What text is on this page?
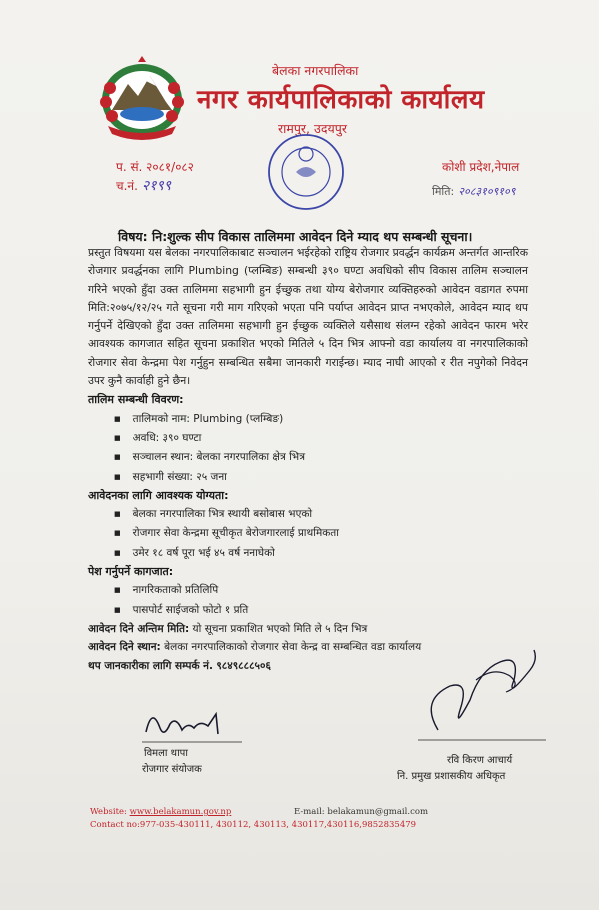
बेलका नगरपालिका
नगर कार्यपालिकाको कार्यालय
रामपुर, उदयपुर
प. सं. २०८१/०८२
च.नं. २१९९
कोशी प्रदेश,नेपाल
मिति: २०८३१०९१०९
विषय: नि:शुल्क सीप विकास तालिममा आवेदन दिने म्याद थप सम्बन्धी सूचना।
प्रस्तुत विषयमा यस बेलका नगरपालिकाबाट सञ्चालन भईरहेको राष्ट्रिय रोजगार प्रवर्द्धन कार्यक्रम अन्तर्गत आन्तरिक रोजगार प्रवर्द्धनका लागि Plumbing (प्लम्बिङ) सम्बन्धी ३९० घण्टा अवधिको सीप विकास तालिम सञ्चालन गरिने भएको हुँदा उक्त तालिममा सहभागी हुन ईच्छुक तथा योग्य बेरोजगार व्यक्तिहरुको आवेदन वडागत रुपमा मिति:२०७५/१२/२५ गते सूचना गरी माग गरिएको भएता पनि पर्याप्त आवेदन प्राप्त नभएकोले, आवेदन म्याद थप गर्नुपर्ने देखिएको हुँदा उक्त तालिममा सहभागी हुन ईच्छुक व्यक्तिले यसैसाथ संलग्न रहेको आवेदन फारम भरेर आवश्यक कागजात सहित सूचना प्रकाशित भएको मितिले ५ दिन भित्र आफ्नो वडा कार्यालय वा नगरपालिकाको रोजगार सेवा केन्द्रमा पेश गर्नुहुन सम्बन्धित सबैमा जानकारी गराईन्छ। म्याद नाघी आएको र रीत नपुगेको निवेदन उपर कुनै कार्वाही हुने छैन।
तालिम सम्बन्धी विवरण:
■ तालिमको नाम: Plumbing (प्लम्बिङ)
■ अवधि: ३९० घण्टा
■ सञ्चालन स्थान: बेलका नगरपालिका क्षेत्र भित्र
■ सहभागी संख्या: २५ जना
आवेदनका लागि आवश्यक योग्यता:
■ बेलका नगरपालिका भित्र स्थायी बसोबास भएको
■ रोजगार सेवा केन्द्रमा सूचीकृत बेरोजगारलाई प्राथमिकता
■ उमेर १८ वर्ष पूरा भई ४५ वर्ष ननाघेको
पेश गर्नुपर्ने कागजात:
■ नागरिकताको प्रतिलिपि
■ पासपोर्ट साईजको फोटो १ प्रति
आवेदन दिने अन्तिम मिति: यो सूचना प्रकाशित भएको मिति ले ५ दिन भित्र
आवेदन दिने स्थान: बेलका नगरपालिकाको रोजगार सेवा केन्द्र वा सम्बन्धित वडा कार्यालय
थप जानकारीका लागि सम्पर्क नं. ९८४९८८८५०६
विमला थापा
रोजगार संयोजक
रवि किरण आचार्य
नि. प्रमुख प्रशासकीय अधिकृत
Website: www.belakamun.gov.np	E-mail: belakamun@gmail.com
Contact no:977-035-430111, 430112, 430113, 430117,430116,9852835479
